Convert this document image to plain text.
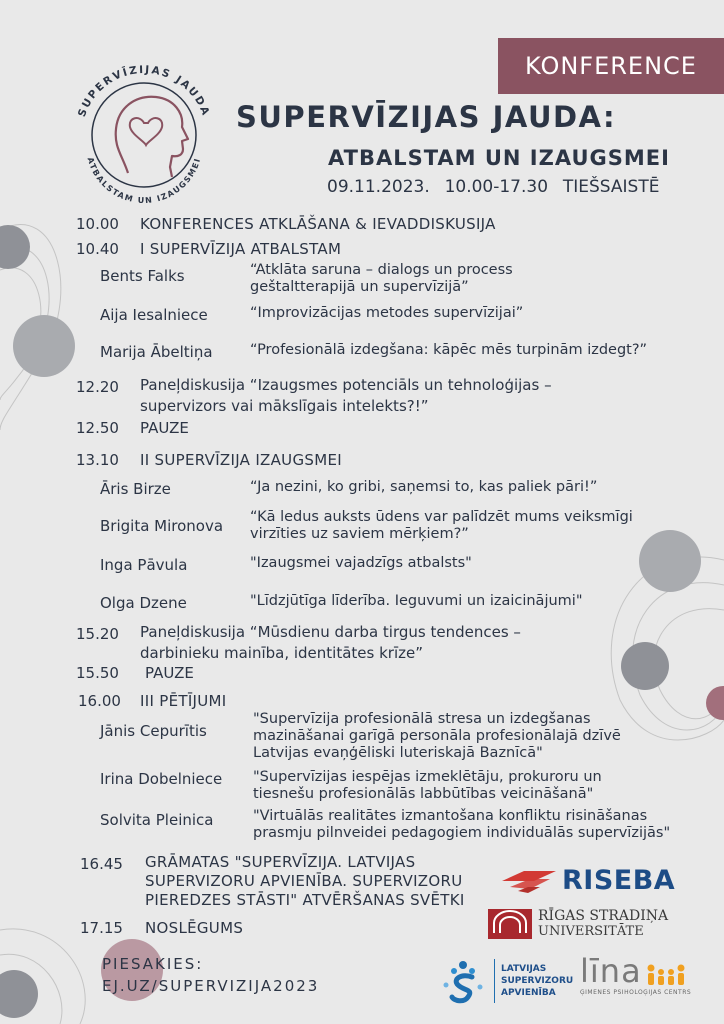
SUPERVĪZIJAS JAUDA
ATBALSTAM UN IZAUGSMEI
KONFERENCE
SUPERVĪZIJAS JAUDA:
ATBALSTAM UN IZAUGSMEI
09.11.2023. 10.00-17.30 TIEŠSAISTĒ
10.00 KONFERENCES ATKLĀŠANA & IEVADDISKUSIJA
10.40 I SUPERVĪZIJA ATBALSTAM
Bents Falks	“Atklāta saruna – dialogs un process
geštaltterapijā un supervīzijā”
Aija Iesalniece	“Improvizācijas metodes supervīzijai”
Marija Ābeltiņa	“Profesionālā izdegšana: kāpēc mēs turpinām izdegt?”
12.20 Paneļdiskusija “Izaugsmes potenciāls un tehnoloģijas –
supervizors vai mākslīgais intelekts?!”
12.50 PAUZE
13.10 II SUPERVĪZIJA IZAUGSMEI
Āris Birze	“Ja nezini, ko gribi, saņemsi to, kas paliek pāri!”
Brigita Mironova “Kā ledus auksts ūdens var palīdzēt mums veiksmīgi
virzīties uz saviem mērķiem?”
Inga Pāvula	"Izaugsmei vajadzīgs atbalsts"
Olga Dzene	"Līdzjūtīga līderība. Ieguvumi un izaicinājumi"
15.20 Paneļdiskusija “Mūsdienu darba tirgus tendences –
darbinieku mainība, identitātes krīze”
15.50 PAUZE
16.00 III PĒTĪJUMI
Jānis Cepurītis
"Supervīzija profesionālā stresa un izdegšanas
mazināšanai garīgā personāla profesionālajā dzīvē
Latvijas evaņģēliski luteriskajā Baznīcā"
Irina Dobelniece "Supervīzijas iespējas izmeklētāju, prokuroru un
tiesnešu profesionālās labbūtības veicināšanā"
Solvita Pleinica	"Virtuālās realitātes izmantošana konfliktu risināšanas
prasmju pilnveidei pedagogiem individuālās supervīzijās"
16.45 GRĀMATAS "SUPERVĪZIJA. LATVIJAS
SUPERVIZORU APVIENĪBA. SUPERVIZORU
PIEREDZES STĀSTI" ATVĒRŠANAS SVĒTKI
17.15 NOSLĒGUMS
PIESAKIES:
EJ.UZ/SUPERVIZIJA2023
RISEBA
RĪGAS STRADIŅA
UNIVERSITĀTE
LATVIJAS
SUPERVIZORU
APVIENĪBA
līna
ĢIMENES PSIHOLOĢIJAS CENTRS
